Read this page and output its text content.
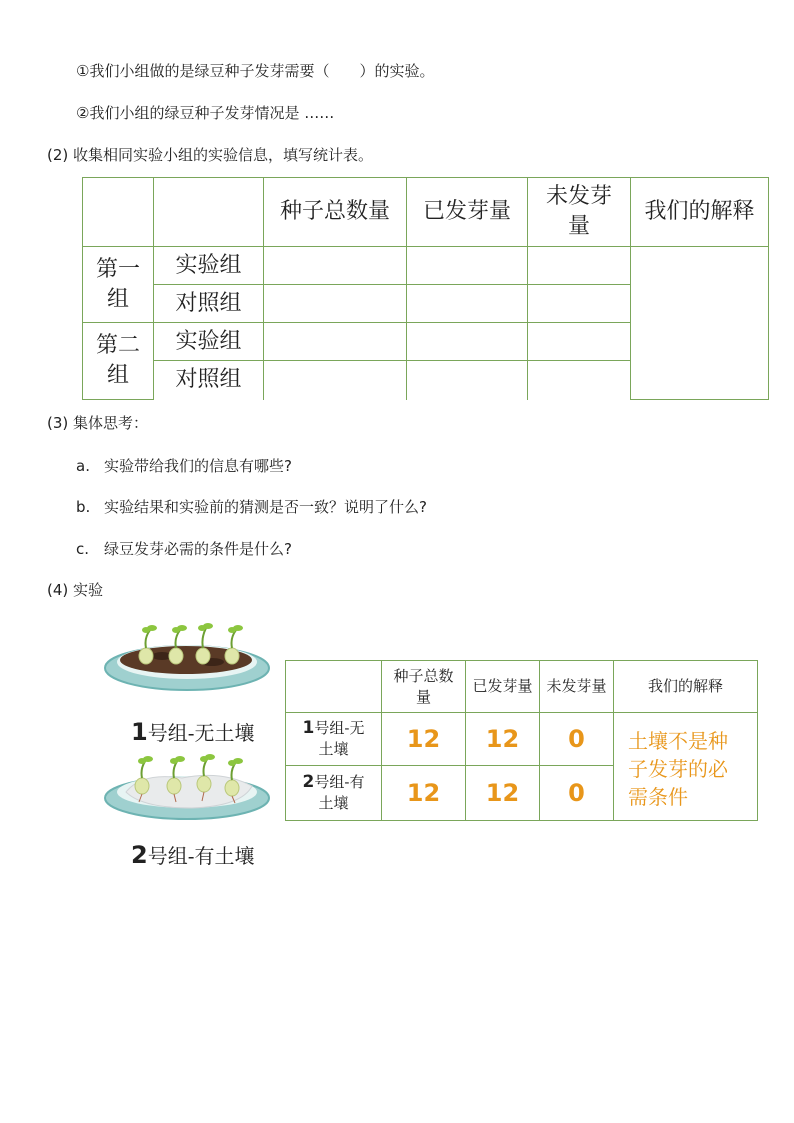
①我们小组做的是绿豆种子发芽需要（　　）的实验。
②我们小组的绿豆种子发芽情况是 ……
(2) 收集相同实验小组的实验信息，填写统计表。
		种子总数量	已发芽量	未发芽量	我们的解释
第一组	实验组				
	对照组				
第二组	实验组				
	对照组				
(3) 集体思考：
a. 实验带给我们的信息有哪些?
b. 实验结果和实验前的猜测是否一致？说明了什么?
c. 绿豆发芽必需的条件是什么?
(4) 实验
1号组-无土壤
2号组-有土壤
	种子总数量	已发芽量	未发芽量	我们的解释
1号组-无土壤	12	12	0	土壤不是种子发芽的必需条件

2号组-有土壤	12	12	0	
